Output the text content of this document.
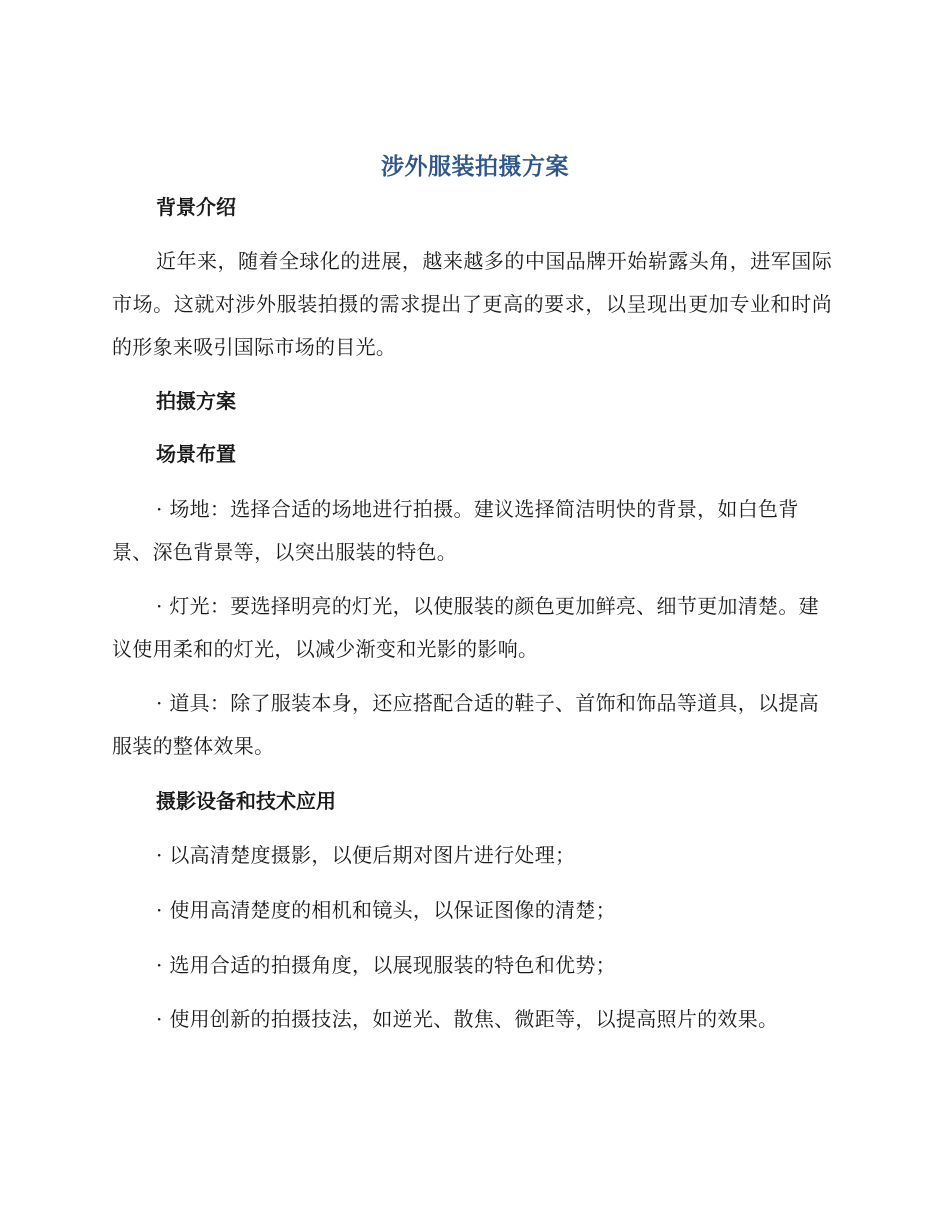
涉外服装拍摄方案
背景介绍
近年来，随着全球化的进展，越来越多的中国品牌开始崭露头角，进军国际市场。这就对涉外服装拍摄的需求提出了更高的要求，以呈现出更加专业和时尚的形象来吸引国际市场的目光。
拍摄方案
场景布置
· 场地：选择合适的场地进行拍摄。建议选择简洁明快的背景，如白色背景、深色背景等，以突出服装的特色。
· 灯光：要选择明亮的灯光，以使服装的颜色更加鲜亮、细节更加清楚。建议使用柔和的灯光，以减少渐变和光影的影响。
· 道具：除了服装本身，还应搭配合适的鞋子、首饰和饰品等道具，以提高服装的整体效果。
摄影设备和技术应用
· 以高清楚度摄影，以便后期对图片进行处理；
· 使用高清楚度的相机和镜头，以保证图像的清楚；
· 选用合适的拍摄角度，以展现服装的特色和优势；
· 使用创新的拍摄技法，如逆光、散焦、微距等，以提高照片的效果。
